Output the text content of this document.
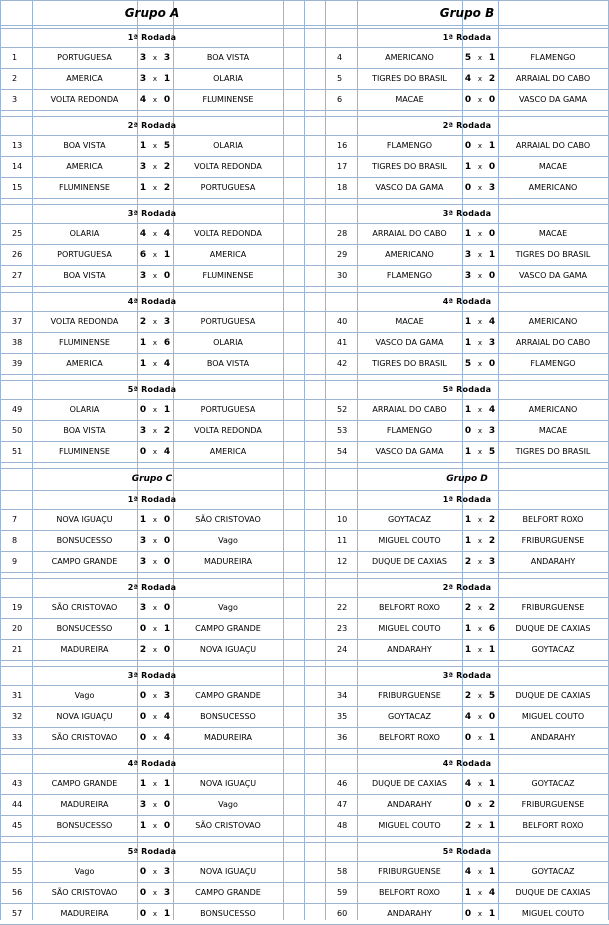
Grupo A	Grupo B
1ª Rodada	1ª Rodada
1	PORTUGUESA	3 x 3	BOA VISTA	4	AMERICANO	5 x 1	FLAMENGO
2	AMERICA	3 x 1	OLARIA	5	TIGRES DO BRASIL	4 x 2	ARRAIAL DO CABO
3	VOLTA REDONDA	4 x 0	FLUMINENSE	6	MACAE	0 x 0	VASCO DA GAMA
2ª Rodada	2ª Rodada
13	BOA VISTA	1 x 5	OLARIA	16	FLAMENGO	0 x 1	ARRAIAL DO CABO
14	AMERICA	3 x 2	VOLTA REDONDA	17	TIGRES DO BRASIL	1 x 0	MACAE
15	FLUMINENSE	1 x 2	PORTUGUESA	18	VASCO DA GAMA	0 x 3	AMERICANO
3ª Rodada	3ª Rodada
25	OLARIA	4 x 4	VOLTA REDONDA	28	ARRAIAL DO CABO	1 x 0	MACAE
26	PORTUGUESA	6 x 1	AMERICA	29	AMERICANO	3 x 1	TIGRES DO BRASIL
27	BOA VISTA	3 x 0	FLUMINENSE	30	FLAMENGO	3 x 0	VASCO DA GAMA
4ª Rodada	4ª Rodada
37	VOLTA REDONDA	2 x 3	PORTUGUESA	40	MACAE	1 x 4	AMERICANO
38	FLUMINENSE	1 x 6	OLARIA	41	VASCO DA GAMA	1 x 3	ARRAIAL DO CABO
39	AMERICA	1 x 4	BOA VISTA	42	TIGRES DO BRASIL	5 x 0	FLAMENGO
5ª Rodada	5ª Rodada
49	OLARIA	0 x 1	PORTUGUESA	52	ARRAIAL DO CABO	1 x 4	AMERICANO
50	BOA VISTA	3 x 2	VOLTA REDONDA	53	FLAMENGO	0 x 3	MACAE
51	FLUMINENSE	0 x 4	AMERICA	54	VASCO DA GAMA	1 x 5	TIGRES DO BRASIL
Grupo C	Grupo D
1ª Rodada	1ª Rodada
7	NOVA IGUAÇU	1 x 0	SÃO CRISTOVAO	10	GOYTACAZ	1 x 2	BELFORT ROXO
8	BONSUCESSO	3 x 0	Vago	11	MIGUEL COUTO	1 x 2	FRIBURGUENSE
9	CAMPO GRANDE	3 x 0	MADUREIRA	12	DUQUE DE CAXIAS	2 x 3	ANDARAHY
2ª Rodada	2ª Rodada
19	SÃO CRISTOVAO	3 x 0	Vago	22	BELFORT ROXO	2 x 2	FRIBURGUENSE
20	BONSUCESSO	0 x 1	CAMPO GRANDE	23	MIGUEL COUTO	1 x 6	DUQUE DE CAXIAS
21	MADUREIRA	2 x 0	NOVA IGUAÇU	24	ANDARAHY	1 x 1	GOYTACAZ
3ª Rodada	3ª Rodada
31	Vago	0 x 3	CAMPO GRANDE	34	FRIBURGUENSE	2 x 5	DUQUE DE CAXIAS
32	NOVA IGUAÇU	0 x 4	BONSUCESSO	35	GOYTACAZ	4 x 0	MIGUEL COUTO
33	SÃO CRISTOVAO	0 x 4	MADUREIRA	36	BELFORT ROXO	0 x 1	ANDARAHY
4ª Rodada	4ª Rodada
43	CAMPO GRANDE	1 x 1	NOVA IGUAÇU	46	DUQUE DE CAXIAS	4 x 1	GOYTACAZ
44	MADUREIRA	3 x 0	Vago	47	ANDARAHY	0 x 2	FRIBURGUENSE
45	BONSUCESSO	1 x 0	SÃO CRISTOVAO	48	MIGUEL COUTO	2 x 1	BELFORT ROXO
5ª Rodada	5ª Rodada
55	Vago	0 x 3	NOVA IGUAÇU	58	FRIBURGUENSE	4 x 1	GOYTACAZ
56	SÃO CRISTOVAO	0 x 3	CAMPO GRANDE	59	BELFORT ROXO	1 x 4	DUQUE DE CAXIAS
57	MADUREIRA	0 x 1	BONSUCESSO	60	ANDARAHY	0 x 1	MIGUEL COUTO
